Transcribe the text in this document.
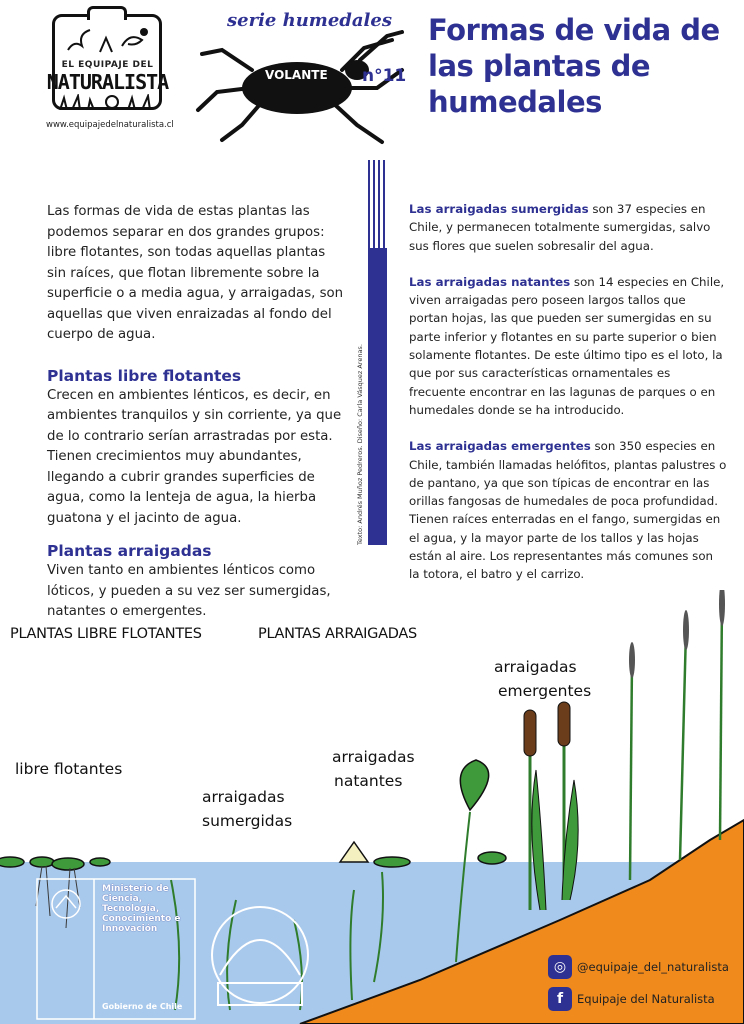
EL EQUIPAJE DEL
NATURALISTA
www.equipajedelnaturalista.cl
serie humedales
VOLANTE n°11
Formas de vida de las plantas de humedales
Texto: Andrés Muñoz Pedreros. Diseño: Carla Vásquez Arenas.

Las formas de vida de estas plantas las podemos separar en dos grandes grupos: libre flotantes, son todas aquellas plantas sin raíces, que flotan libremente sobre la superficie o a media agua, y arraigadas, son aquellas que viven enraizadas al fondo del cuerpo de agua.

Plantas libre flotantes

Crecen en ambientes lénticos, es decir, en ambientes tranquilos y sin corriente, ya que de lo contrario serían arrastradas por esta. Tienen crecimientos muy abundantes, llegando a cubrir grandes superficies de agua, como la lenteja de agua, la hierba guatona y el jacinto de agua.

Plantas arraigadas

Viven tanto en ambientes lénticos como lóticos, y pueden a su vez ser sumergidas, natantes o emergentes.

Las arraigadas sumergidas son 37 especies en Chile, y permanecen totalmente sumergidas, salvo sus flores que suelen sobresalir del agua.

Las arraigadas natantes son 14 especies en Chile, viven arraigadas pero poseen largos tallos que portan hojas, las que pueden ser sumergidas en su parte inferior y flotantes en su parte superior o bien solamente flotantes. De este último tipo es el loto, la que por sus características ornamentales es frecuente encontrar en las lagunas de parques o en humedales donde se ha introducido.

Las arraigadas emergentes son 350 especies en Chile, también llamadas helófitos, plantas palustres o de pantano, ya que son típicas de encontrar en las orillas fangosas de humedales de poca profundidad. Tienen raíces enterradas en el fango, sumergidas en el agua, y la mayor parte de los tallos y las hojas están al aire. Los representantes más comunes son la totora, el batro y el carrizo.

PLANTAS LIBRE FLOTANTES	PLANTAS ARRAIGADAS
libre flotantes
arraigadas
sumergidas
arraigadas
natantes
arraigadas
emergentes
Ministerio de Ciencia, Tecnología, Conocimiento e Innovación
Gobierno de Chile
◎ @equipaje_del_naturalista
f	Equipaje del Naturalista
